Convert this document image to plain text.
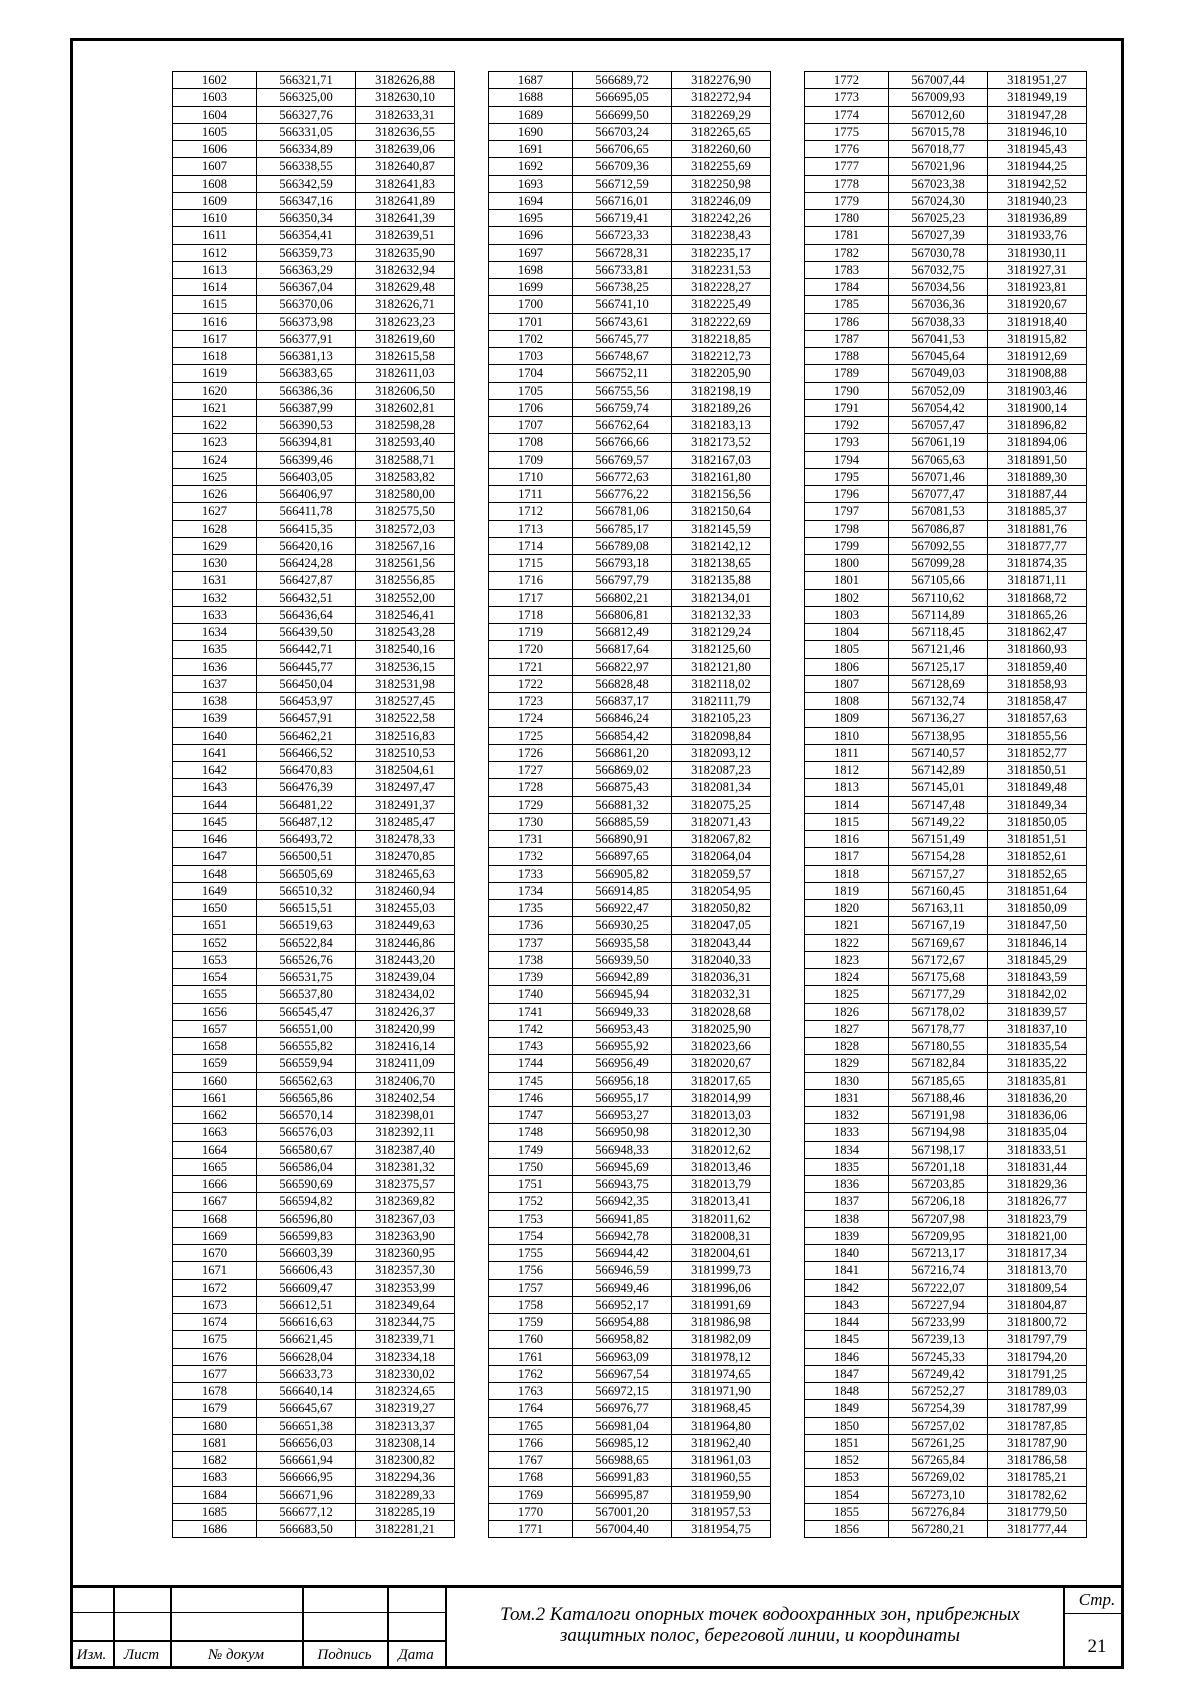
1602	566321,71	3182626,88
1603	566325,00	3182630,10
1604	566327,76	3182633,31
1605	566331,05	3182636,55
1606	566334,89	3182639,06
1607	566338,55	3182640,87
1608	566342,59	3182641,83
1609	566347,16	3182641,89
1610	566350,34	3182641,39
1611	566354,41	3182639,51
1612	566359,73	3182635,90
1613	566363,29	3182632,94
1614	566367,04	3182629,48
1615	566370,06	3182626,71
1616	566373,98	3182623,23
1617	566377,91	3182619,60
1618	566381,13	3182615,58
1619	566383,65	3182611,03
1620	566386,36	3182606,50
1621	566387,99	3182602,81
1622	566390,53	3182598,28
1623	566394,81	3182593,40
1624	566399,46	3182588,71
1625	566403,05	3182583,82
1626	566406,97	3182580,00
1627	566411,78	3182575,50
1628	566415,35	3182572,03
1629	566420,16	3182567,16
1630	566424,28	3182561,56
1631	566427,87	3182556,85
1632	566432,51	3182552,00
1633	566436,64	3182546,41
1634	566439,50	3182543,28
1635	566442,71	3182540,16
1636	566445,77	3182536,15
1637	566450,04	3182531,98
1638	566453,97	3182527,45
1639	566457,91	3182522,58
1640	566462,21	3182516,83
1641	566466,52	3182510,53
1642	566470,83	3182504,61
1643	566476,39	3182497,47
1644	566481,22	3182491,37
1645	566487,12	3182485,47
1646	566493,72	3182478,33
1647	566500,51	3182470,85
1648	566505,69	3182465,63
1649	566510,32	3182460,94
1650	566515,51	3182455,03
1651	566519,63	3182449,63
1652	566522,84	3182446,86
1653	566526,76	3182443,20
1654	566531,75	3182439,04
1655	566537,80	3182434,02
1656	566545,47	3182426,37
1657	566551,00	3182420,99
1658	566555,82	3182416,14
1659	566559,94	3182411,09
1660	566562,63	3182406,70
1661	566565,86	3182402,54
1662	566570,14	3182398,01
1663	566576,03	3182392,11
1664	566580,67	3182387,40
1665	566586,04	3182381,32
1666	566590,69	3182375,57
1667	566594,82	3182369,82
1668	566596,80	3182367,03
1669	566599,83	3182363,90
1670	566603,39	3182360,95
1671	566606,43	3182357,30
1672	566609,47	3182353,99
1673	566612,51	3182349,64
1674	566616,63	3182344,75
1675	566621,45	3182339,71
1676	566628,04	3182334,18
1677	566633,73	3182330,02
1678	566640,14	3182324,65
1679	566645,67	3182319,27
1680	566651,38	3182313,37
1681	566656,03	3182308,14
1682	566661,94	3182300,82
1683	566666,95	3182294,36
1684	566671,96	3182289,33
1685	566677,12	3182285,19
1686	566683,50	3182281,21
1687	566689,72	3182276,90
1688	566695,05	3182272,94
1689	566699,50	3182269,29
1690	566703,24	3182265,65
1691	566706,65	3182260,60
1692	566709,36	3182255,69
1693	566712,59	3182250,98
1694	566716,01	3182246,09
1695	566719,41	3182242,26
1696	566723,33	3182238,43
1697	566728,31	3182235,17
1698	566733,81	3182231,53
1699	566738,25	3182228,27
1700	566741,10	3182225,49
1701	566743,61	3182222,69
1702	566745,77	3182218,85
1703	566748,67	3182212,73
1704	566752,11	3182205,90
1705	566755,56	3182198,19
1706	566759,74	3182189,26
1707	566762,64	3182183,13
1708	566766,66	3182173,52
1709	566769,57	3182167,03
1710	566772,63	3182161,80
1711	566776,22	3182156,56
1712	566781,06	3182150,64
1713	566785,17	3182145,59
1714	566789,08	3182142,12
1715	566793,18	3182138,65
1716	566797,79	3182135,88
1717	566802,21	3182134,01
1718	566806,81	3182132,33
1719	566812,49	3182129,24
1720	566817,64	3182125,60
1721	566822,97	3182121,80
1722	566828,48	3182118,02
1723	566837,17	3182111,79
1724	566846,24	3182105,23
1725	566854,42	3182098,84
1726	566861,20	3182093,12
1727	566869,02	3182087,23
1728	566875,43	3182081,34
1729	566881,32	3182075,25
1730	566885,59	3182071,43
1731	566890,91	3182067,82
1732	566897,65	3182064,04
1733	566905,82	3182059,57
1734	566914,85	3182054,95
1735	566922,47	3182050,82
1736	566930,25	3182047,05
1737	566935,58	3182043,44
1738	566939,50	3182040,33
1739	566942,89	3182036,31
1740	566945,94	3182032,31
1741	566949,33	3182028,68
1742	566953,43	3182025,90
1743	566955,92	3182023,66
1744	566956,49	3182020,67
1745	566956,18	3182017,65
1746	566955,17	3182014,99
1747	566953,27	3182013,03
1748	566950,98	3182012,30
1749	566948,33	3182012,62
1750	566945,69	3182013,46
1751	566943,75	3182013,79
1752	566942,35	3182013,41
1753	566941,85	3182011,62
1754	566942,78	3182008,31
1755	566944,42	3182004,61
1756	566946,59	3181999,73
1757	566949,46	3181996,06
1758	566952,17	3181991,69
1759	566954,88	3181986,98
1760	566958,82	3181982,09
1761	566963,09	3181978,12
1762	566967,54	3181974,65
1763	566972,15	3181971,90
1764	566976,77	3181968,45
1765	566981,04	3181964,80
1766	566985,12	3181962,40
1767	566988,65	3181961,03
1768	566991,83	3181960,55
1769	566995,87	3181959,90
1770	567001,20	3181957,53
1771	567004,40	3181954,75
1772	567007,44	3181951,27
1773	567009,93	3181949,19
1774	567012,60	3181947,28
1775	567015,78	3181946,10
1776	567018,77	3181945,43
1777	567021,96	3181944,25
1778	567023,38	3181942,52
1779	567024,30	3181940,23
1780	567025,23	3181936,89
1781	567027,39	3181933,76
1782	567030,78	3181930,11
1783	567032,75	3181927,31
1784	567034,56	3181923,81
1785	567036,36	3181920,67
1786	567038,33	3181918,40
1787	567041,53	3181915,82
1788	567045,64	3181912,69
1789	567049,03	3181908,88
1790	567052,09	3181903,46
1791	567054,42	3181900,14
1792	567057,47	3181896,82
1793	567061,19	3181894,06
1794	567065,63	3181891,50
1795	567071,46	3181889,30
1796	567077,47	3181887,44
1797	567081,53	3181885,37
1798	567086,87	3181881,76
1799	567092,55	3181877,77
1800	567099,28	3181874,35
1801	567105,66	3181871,11
1802	567110,62	3181868,72
1803	567114,89	3181865,26
1804	567118,45	3181862,47
1805	567121,46	3181860,93
1806	567125,17	3181859,40
1807	567128,69	3181858,93
1808	567132,74	3181858,47
1809	567136,27	3181857,63
1810	567138,95	3181855,56
1811	567140,57	3181852,77
1812	567142,89	3181850,51
1813	567145,01	3181849,48
1814	567147,48	3181849,34
1815	567149,22	3181850,05
1816	567151,49	3181851,51
1817	567154,28	3181852,61
1818	567157,27	3181852,65
1819	567160,45	3181851,64
1820	567163,11	3181850,09
1821	567167,19	3181847,50
1822	567169,67	3181846,14
1823	567172,67	3181845,29
1824	567175,68	3181843,59
1825	567177,29	3181842,02
1826	567178,02	3181839,57
1827	567178,77	3181837,10
1828	567180,55	3181835,54
1829	567182,84	3181835,22
1830	567185,65	3181835,81
1831	567188,46	3181836,20
1832	567191,98	3181836,06
1833	567194,98	3181835,04
1834	567198,17	3181833,51
1835	567201,18	3181831,44
1836	567203,85	3181829,36
1837	567206,18	3181826,77
1838	567207,98	3181823,79
1839	567209,95	3181821,00
1840	567213,17	3181817,34
1841	567216,74	3181813,70
1842	567222,07	3181809,54
1843	567227,94	3181804,87
1844	567233,99	3181800,72
1845	567239,13	3181797,79
1846	567245,33	3181794,20
1847	567249,42	3181791,25
1848	567252,27	3181789,03
1849	567254,39	3181787,99
1850	567257,02	3181787,85
1851	567261,25	3181787,90
1852	567265,84	3181786,58
1853	567269,02	3181785,21
1854	567273,10	3181782,62
1855	567276,84	3181779,50
1856	567280,21	3181777,44
Изм.	Лист	№ докум	Подпись	Дата
Том.2 Каталоги опорных точек водоохранных зон, прибрежных
защитных полос, береговой линии, и координаты
Стр.
21
